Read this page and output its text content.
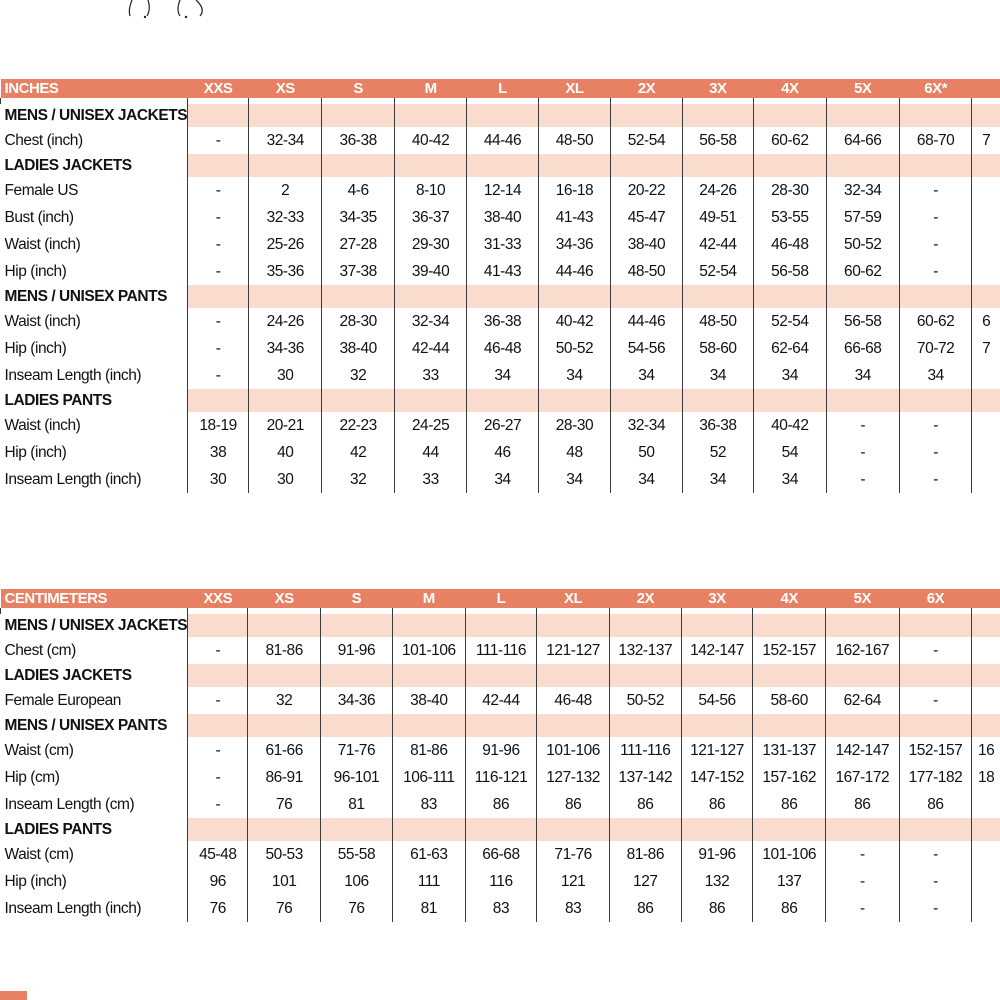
INCHES	XXS	XS	S	M	L	XL	2X	3X	4X	5X	6X*	

MENS / UNISEX JACKETS												
Chest (inch)	-	32-34	36-38	40-42	44-46	48-50	52-54	56-58	60-62	64-66	68-70	7
LADIES JACKETS												
Female US	-	2	4-6	8-10	12-14	16-18	20-22	24-26	28-30	32-34	-	
Bust (inch)	-	32-33	34-35	36-37	38-40	41-43	45-47	49-51	53-55	57-59	-	
Waist (inch)	-	25-26	27-28	29-30	31-33	34-36	38-40	42-44	46-48	50-52	-	
Hip (inch)	-	35-36	37-38	39-40	41-43	44-46	48-50	52-54	56-58	60-62	-	
MENS / UNISEX PANTS												
Waist (inch)	-	24-26	28-30	32-34	36-38	40-42	44-46	48-50	52-54	56-58	60-62	6
Hip (inch)	-	34-36	38-40	42-44	46-48	50-52	54-56	58-60	62-64	66-68	70-72	7
Inseam Length (inch)	-	30	32	33	34	34	34	34	34	34	34	
LADIES PANTS												
Waist (inch)	18-19	20-21	22-23	24-25	26-27	28-30	32-34	36-38	40-42	-	-	
Hip (inch)	38	40	42	44	46	48	50	52	54	-	-	
Inseam Length (inch)	30	30	32	33	34	34	34	34	34	-	-	
CENTIMETERS	XXS	XS	S	M	L	XL	2X	3X	4X	5X	6X	

MENS / UNISEX JACKETS												
Chest (cm)	-	81-86	91-96	101-106	111-116	121-127	132-137	142-147	152-157	162-167	-	
LADIES JACKETS												
Female European	-	32	34-36	38-40	42-44	46-48	50-52	54-56	58-60	62-64	-	
MENS / UNISEX PANTS												
Waist (cm)	-	61-66	71-76	81-86	91-96	101-106	111-116	121-127	131-137	142-147	152-157	16
Hip (cm)	-	86-91	96-101	106-111	116-121	127-132	137-142	147-152	157-162	167-172	177-182	18
Inseam Length (cm)	-	76	81	83	86	86	86	86	86	86	86	
LADIES PANTS												
Waist (cm)	45-48	50-53	55-58	61-63	66-68	71-76	81-86	91-96	101-106	-	-	
Hip (inch)	96	101	106	111	116	121	127	132	137	-	-	
Inseam Length (inch)	76	76	76	81	83	83	86	86	86	-	-	
